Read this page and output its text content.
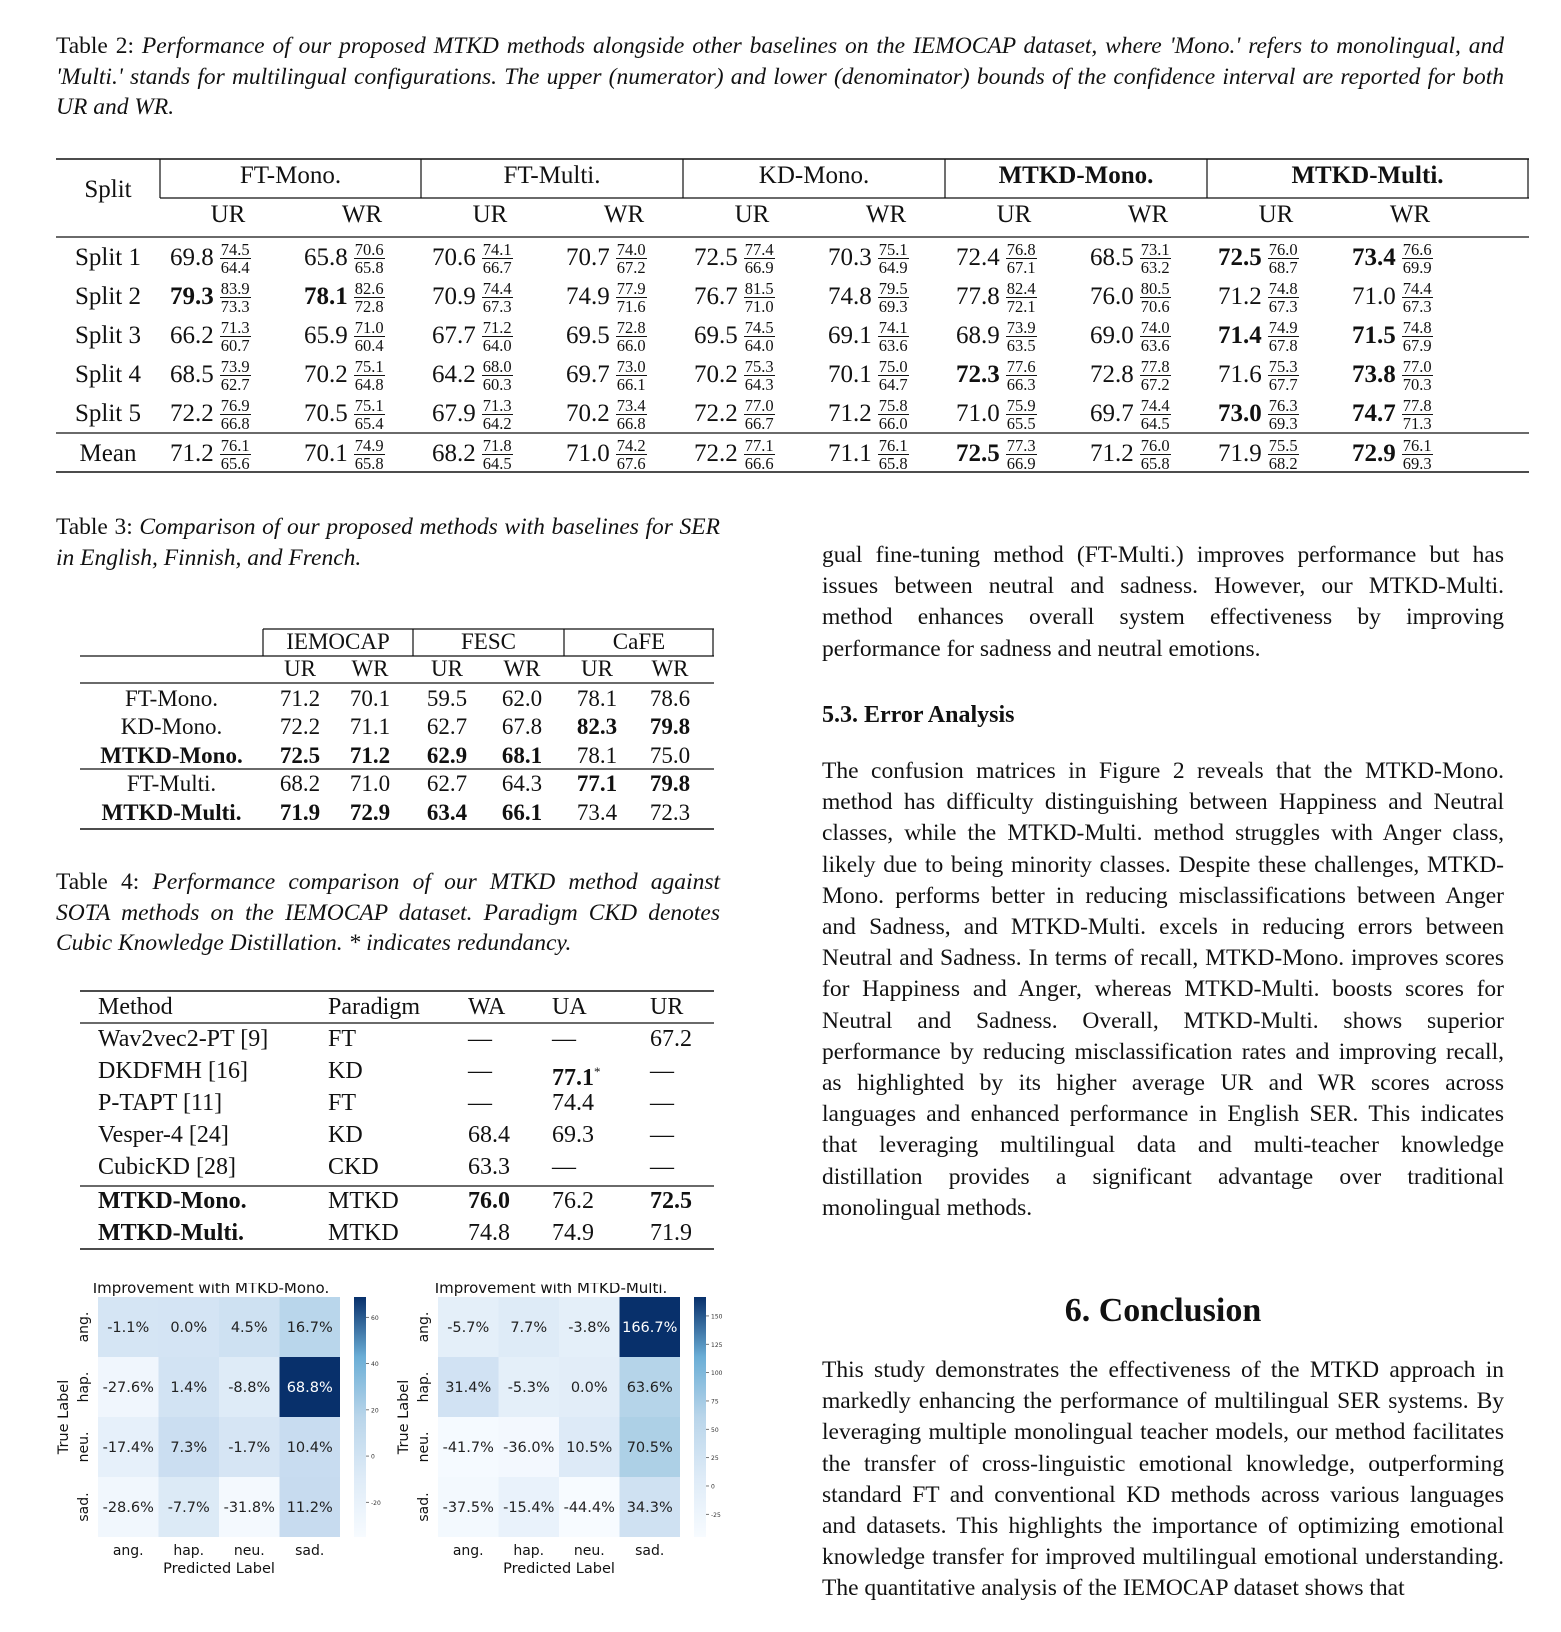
Table 2: Performance of our proposed MTKD methods alongside other baselines on the IEMOCAP dataset, where 'Mono.' refers to monolingual, and 'Multi.' stands for multilingual configurations. The upper (numerator) and lower (denominator) bounds of the confidence interval are reported for both UR and WR.
Split
FT-Mono.	FT-Multi.	KD-Mono.	MTKD-Mono.	MTKD-Multi.
UR	WR	UR	WR	UR	WR	UR	WR	UR	WR
Split 1	$69.8 \frac{74.5}{64.4} 65.8 \frac{70.6}{65.8} 70.6 \frac{74.1}{66.7} 70.7 \frac{74.0}{67.2} 72.5 \frac{77.4}{66.9} 70.3 \frac{75.1}{64.9} 72.4 \frac{76.8}{67.1} 68.5 \frac{73.1}{63.2} 72.5 \frac{76.0}{68.7} 73.4 \frac{76.6}{69.9}$
Split 2	$79.3 \frac{83.9}{73.3} 78.1 \frac{82.6}{72.8} 70.9 \frac{74.4}{67.3} 74.9 \frac{77.9}{71.6} 76.7 \frac{81.5}{71.0} 74.8 \frac{79.5}{69.3} 77.8 \frac{82.4}{72.1} 76.0 \frac{80.5}{70.6} 71.2 \frac{74.8}{67.3} 71.0 \frac{74.4}{67.3}$
Split 3	$66.2 \frac{71.3}{60.7} 65.9 \frac{71.0}{60.4} 67.7 \frac{71.2}{64.0} 69.5 \frac{72.8}{66.0} 69.5 \frac{74.5}{64.0} 69.1 \frac{74.1}{63.6} 68.9 \frac{73.9}{63.5} 69.0 \frac{74.0}{63.6} 71.4 \frac{74.9}{67.8} 71.5 \frac{74.8}{67.9}$
Split 4	$68.5 \frac{73.9}{62.7} 70.2 \frac{75.1}{64.8} 64.2 \frac{68.0}{60.3} 69.7 \frac{73.0}{66.1} 70.2 \frac{75.3}{64.3} 70.1 \frac{75.0}{64.7} 72.3 \frac{77.6}{66.3} 72.8 \frac{77.8}{67.2} 71.6 \frac{75.3}{67.7} 73.8 \frac{77.0}{70.3}$
Split 5	$72.2 \frac{76.9}{66.8} 70.5 \frac{75.1}{65.4} 67.9 \frac{71.3}{64.2} 70.2 \frac{73.4}{66.8} 72.2 \frac{77.0}{66.7} 71.2 \frac{75.8}{66.0} 71.0 \frac{75.9}{65.5} 69.7 \frac{74.4}{64.5} 73.0 \frac{76.3}{69.3} 74.7 \frac{77.8}{71.3}$
Mean	$71.2 \frac{76.1}{65.6} 70.1 \frac{74.9}{65.8} 68.2 \frac{71.8}{64.5} 71.0 \frac{74.2}{67.6} 72.2 \frac{77.1}{66.6} 71.1 \frac{76.1}{65.8} 72.5 \frac{77.3}{66.9} 71.2 \frac{76.0}{65.8} 71.9 \frac{75.5}{68.2} 72.9 \frac{76.1}{69.3}$
Table 3: Comparison of our proposed methods with baselines for SER in English, Finnish, and French.
IEMOCAP	FESC	CaFE
UR	WR	UR	WR	UR	WR
FT-Mono.	71.2	70.1	59.5	62.0	78.1	78.6
KD-Mono.	72.2	71.1	62.7	67.8	82.3	79.8
MTKD-Mono.	72.5	71.2	62.9	68.1	78.1	75.0
FT-Multi.	68.2	71.0	62.7	64.3	77.1	79.8
MTKD-Multi.	71.9	72.9	63.4	66.1	73.4	72.3
Table 4: Performance comparison of our MTKD method against SOTA methods on the IEMOCAP dataset. Paradigm CKD denotes Cubic Knowledge Distillation. * indicates redundancy.
Method	Paradigm WA UA	UR
Wav2vec2-PT [9] FT	—	—	67.2
DKDFMH [16]	KD	—	77.1* —
P-TAPT [11]	FT	—	74.4 —
Vesper-4 [24]	KD	68.4 69.3 —
CubicKD [28]	CKD	63.3 —	—
MTKD-Mono.	MTKD	76.0 76.2 72.5
MTKD-Multi.	MTKD	74.8 74.9 71.9
Improvement with MTKD-Mono.
-1.1% 0.0% 4.5% 16.7%
-27.6% 1.4% -8.8% 68.8%
-17.4% 7.3% -1.7% 10.4%
-28.6% -7.7% -31.8% 11.2%
ang.
ang.
hap.
hap.
neu.
neu.
sad.
sad.
Predicted Label
True Label
60
40
20
0
-20
Improvement with MTKD-Multi.
-5.7% 7.7% -3.8% 166.7%
31.4% -5.3% 0.0% 63.6%
-41.7% -36.0% 10.5% 70.5%
-37.5% -15.4% -44.4% 34.3%
ang.
ang.
hap.
hap.
neu.
neu.
sad.
sad.
Predicted Label
True Label
150
125
100
75
50
25
0
-25
gual fine-tuning method (FT-Multi.) improves performance but has issues between neutral and sadness. However, our MTKD-Multi. method enhances overall system effectiveness by improving performance for sadness and neutral emotions.
5.3. Error Analysis
The confusion matrices in Figure 2 reveals that the MTKD-Mono. method has difficulty distinguishing between Happiness and Neutral classes, while the MTKD-Multi. method struggles with Anger class, likely due to being minority classes. Despite these challenges, MTKD-Mono. performs better in reducing misclassifications between Anger and Sadness, and MTKD-Multi. excels in reducing errors between Neutral and Sadness. In terms of recall, MTKD-Mono. improves scores for Happiness and Anger, whereas MTKD-Multi. boosts scores for Neutral and Sadness. Overall, MTKD-Multi. shows superior performance by reducing misclassification rates and improving recall, as highlighted by its higher average UR and WR scores across languages and enhanced performance in English SER. This indicates that leveraging multilingual data and multi-teacher knowledge distillation provides a significant advantage over traditional monolingual methods.
6. Conclusion
This study demonstrates the effectiveness of the MTKD approach in markedly enhancing the performance of multilingual SER systems. By leveraging multiple monolingual teacher models, our method facilitates the transfer of cross-linguistic emotional knowledge, outperforming standard FT and conventional KD methods across various languages and datasets. This highlights the importance of optimizing emotional knowledge transfer for improved multilingual emotional understanding. The quantitative analysis of the IEMOCAP dataset shows that
